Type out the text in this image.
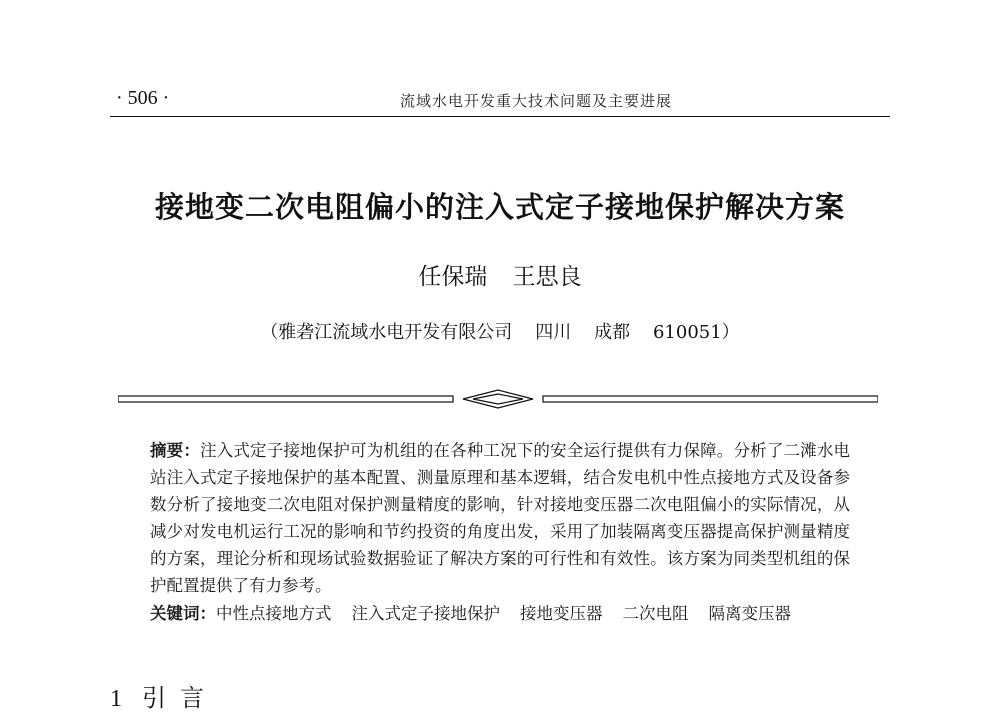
· 506 ·	流域水电开发重大技术问题及主要进展
接地变二次电阻偏小的注入式定子接地保护解决方案
任保瑞 王思良
（雅砻江流域水电开发有限公司    四川    成都    610051）
摘要：注入式定子接地保护可为机组的在各种工况下的安全运行提供有力保障。分析了二滩水电站注入式定子接地保护的基本配置、测量原理和基本逻辑，结合发电机中性点接地方式及设备参数分析了接地变二次电阻对保护测量精度的影响，针对接地变压器二次电阻偏小的实际情况，从减少对发电机运行工况的影响和节约投资的角度出发，采用了加装隔离变压器提高保护测量精度的方案，理论分析和现场试验数据验证了解决方案的可行性和有效性。该方案为同类型机组的保护配置提供了有力参考。
关键词：中性点接地方式 注入式定子接地保护 接地变压器 二次电阻 隔离变压器
1 引言
